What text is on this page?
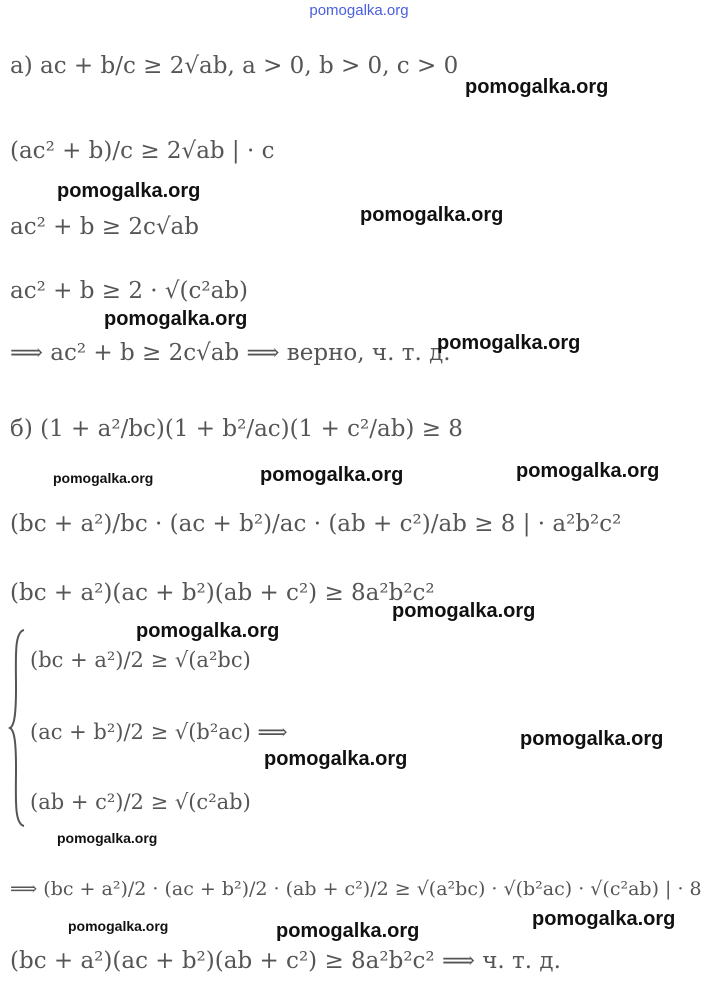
pomogalka.org
а) ac + b/c ≥ 2√ab, a > 0, b > 0, c > 0
(ac² + b)/c ≥ 2√ab | · c
ac² + b ≥ 2c√ab
ac² + b ≥ 2 · √(c²ab)
⟹ ac² + b ≥ 2c√ab ⟹ верно, ч. т. д.
б) (1 + a²/bc)(1 + b²/ac)(1 + c²/ab) ≥ 8
(bc + a²)/bc · (ac + b²)/ac · (ab + c²)/ab ≥ 8 | · a²b²c²
(bc + a²)(ac + b²)(ab + c²) ≥ 8a²b²c²
(bc + a²)/2 ≥ √(a²bc)
(ac + b²)/2 ≥ √(b²ac) ⟹
(ab + c²)/2 ≥ √(c²ab)
⟹ (bc + a²)/2 · (ac + b²)/2 · (ab + c²)/2 ≥ √(a²bc) · √(b²ac) · √(c²ab) | · 8
(bc + a²)(ac + b²)(ab + c²) ≥ 8a²b²c² ⟹ ч. т. д.
pomogalka.org
pomogalka.org
pomogalka.org
pomogalka.org
pomogalka.org
pomogalka.org	pomogalka.org	pomogalka.org
pomogalka.org
pomogalka.org
pomogalka.org
pomogalka.org
pomogalka.org
pomogalka.org
pomogalka.org	pomogalka.org
